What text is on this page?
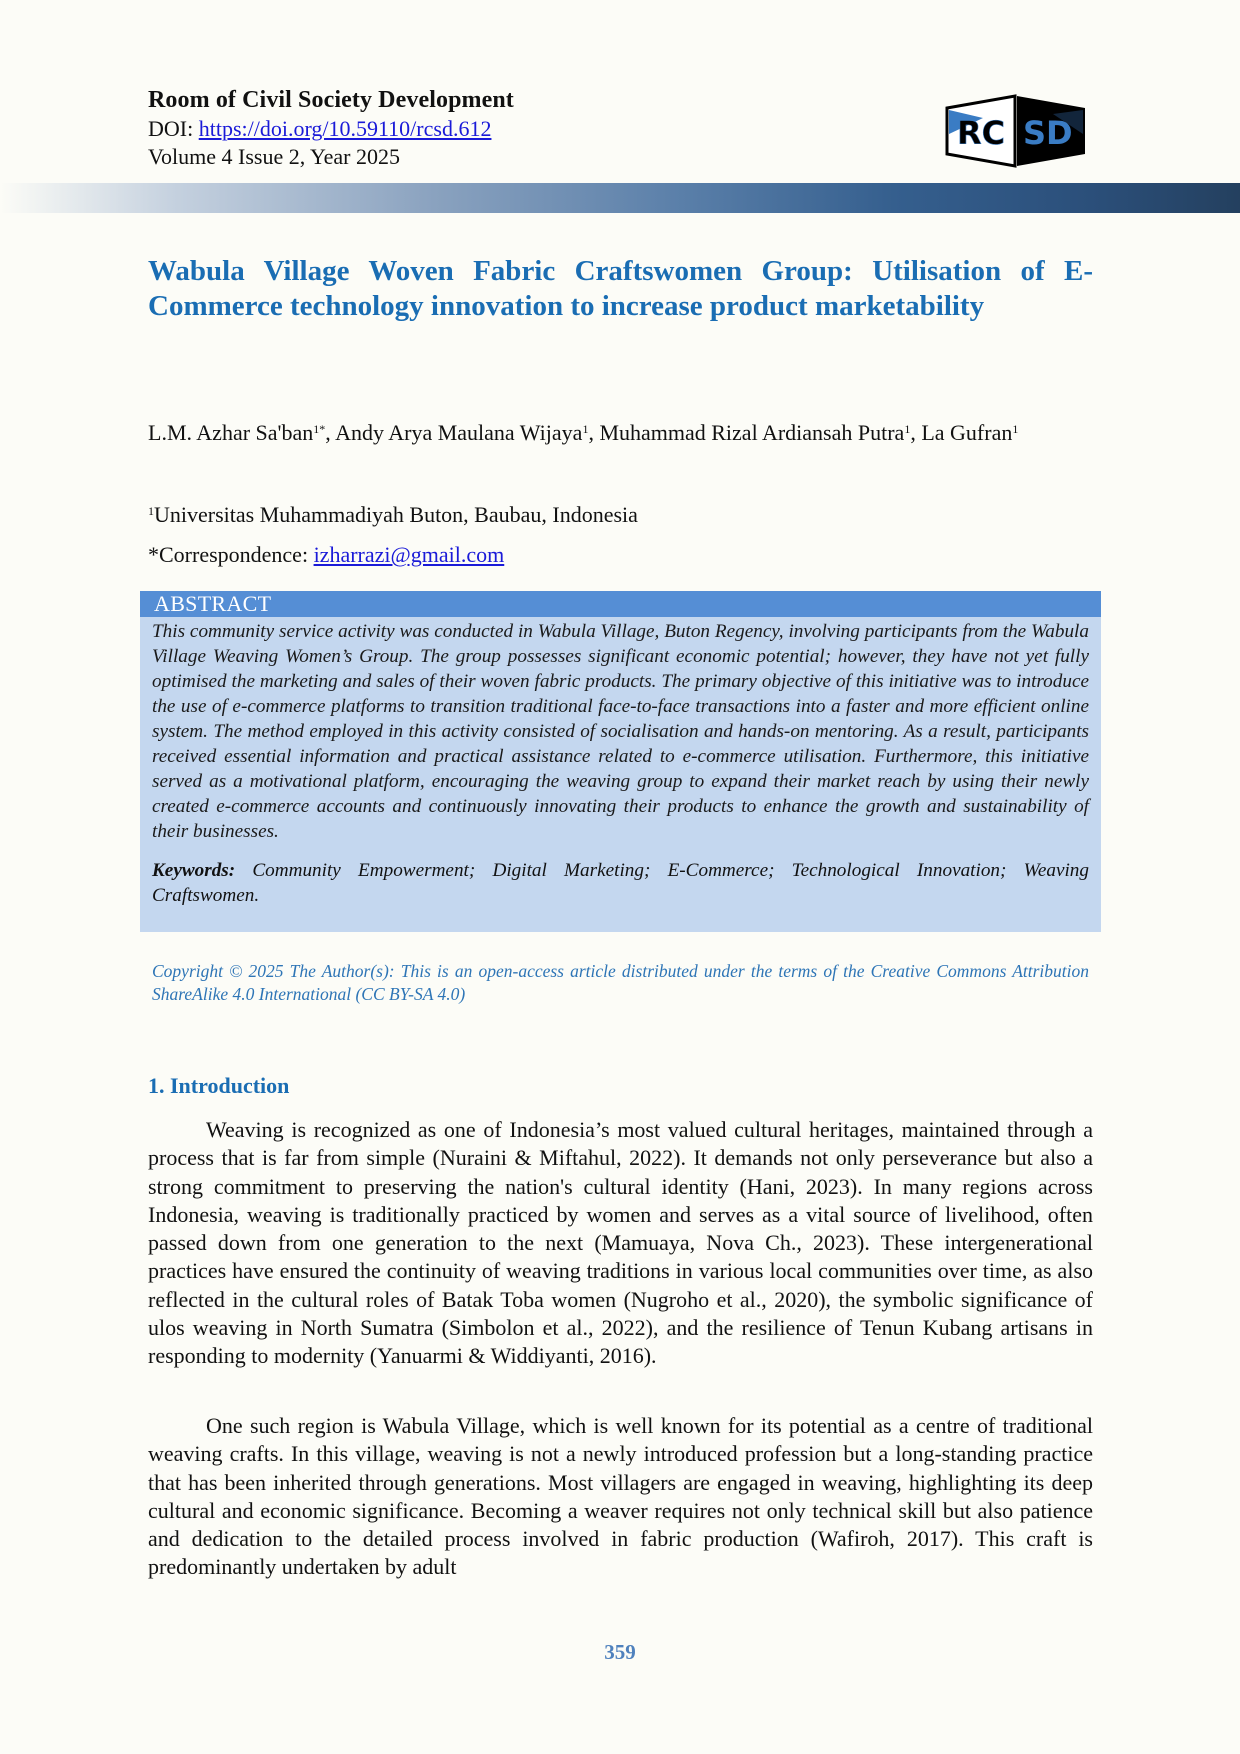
Room of Civil Society Development
DOI: https://doi.org/10.59110/rcsd.612
Volume 4 Issue 2, Year 2025
RC SD
Wabula Village Woven Fabric Craftswomen Group: Utilisation of E-Commerce technology innovation to increase product marketability
L.M. Azhar Sa'ban$^{1*}$, Andy Arya Maulana Wijaya$^1$, Muhammad Rizal Ardiansah Putra$^1$, La Gufran$^1$
$^1$Universitas Muhammadiyah Buton, Baubau, Indonesia
*Correspondence: izharrazi@gmail.com
ABSTRACT
This community service activity was conducted in Wabula Village, Buton Regency, involving participants from the Wabula Village Weaving Women’s Group. The group possesses significant economic potential; however, they have not yet fully optimised the marketing and sales of their woven fabric products. The primary objective of this initiative was to introduce the use of e-commerce platforms to transition traditional face-to-face transactions into a faster and more efficient online system. The method employed in this activity consisted of socialisation and hands-on mentoring. As a result, participants received essential information and practical assistance related to e-commerce utilisation. Furthermore, this initiative served as a motivational platform, encouraging the weaving group to expand their market reach by using their newly created e-commerce accounts and continuously innovating their products to enhance the growth and sustainability of their businesses.
Keywords: Community Empowerment; Digital Marketing; E-Commerce; Technological Innovation; Weaving Craftswomen.
Copyright © 2025 The Author(s): This is an open-access article distributed under the terms of the Creative Commons Attribution ShareAlike 4.0 International (CC BY-SA 4.0)
1. Introduction

Weaving is recognized as one of Indonesia’s most valued cultural heritages, maintained through a process that is far from simple (Nuraini & Miftahul, 2022). It demands not only perseverance but also a strong commitment to preserving the nation's cultural identity (Hani, 2023). In many regions across Indonesia, weaving is traditionally practiced by women and serves as a vital source of livelihood, often passed down from one generation to the next (Mamuaya, Nova Ch., 2023). These intergenerational practices have ensured the continuity of weaving traditions in various local communities over time, as also reflected in the cultural roles of Batak Toba women (Nugroho et al., 2020), the symbolic significance of ulos weaving in North Sumatra (Simbolon et al., 2022), and the resilience of Tenun Kubang artisans in responding to modernity (Yanuarmi & Widdiyanti, 2016).

One such region is Wabula Village, which is well known for its potential as a centre of traditional weaving crafts. In this village, weaving is not a newly introduced profession but a long-standing practice that has been inherited through generations. Most villagers are engaged in weaving, highlighting its deep cultural and economic significance. Becoming a weaver requires not only technical skill but also patience and dedication to the detailed process involved in fabric production (Wafiroh, 2017). This craft is predominantly undertaken by adult

359
